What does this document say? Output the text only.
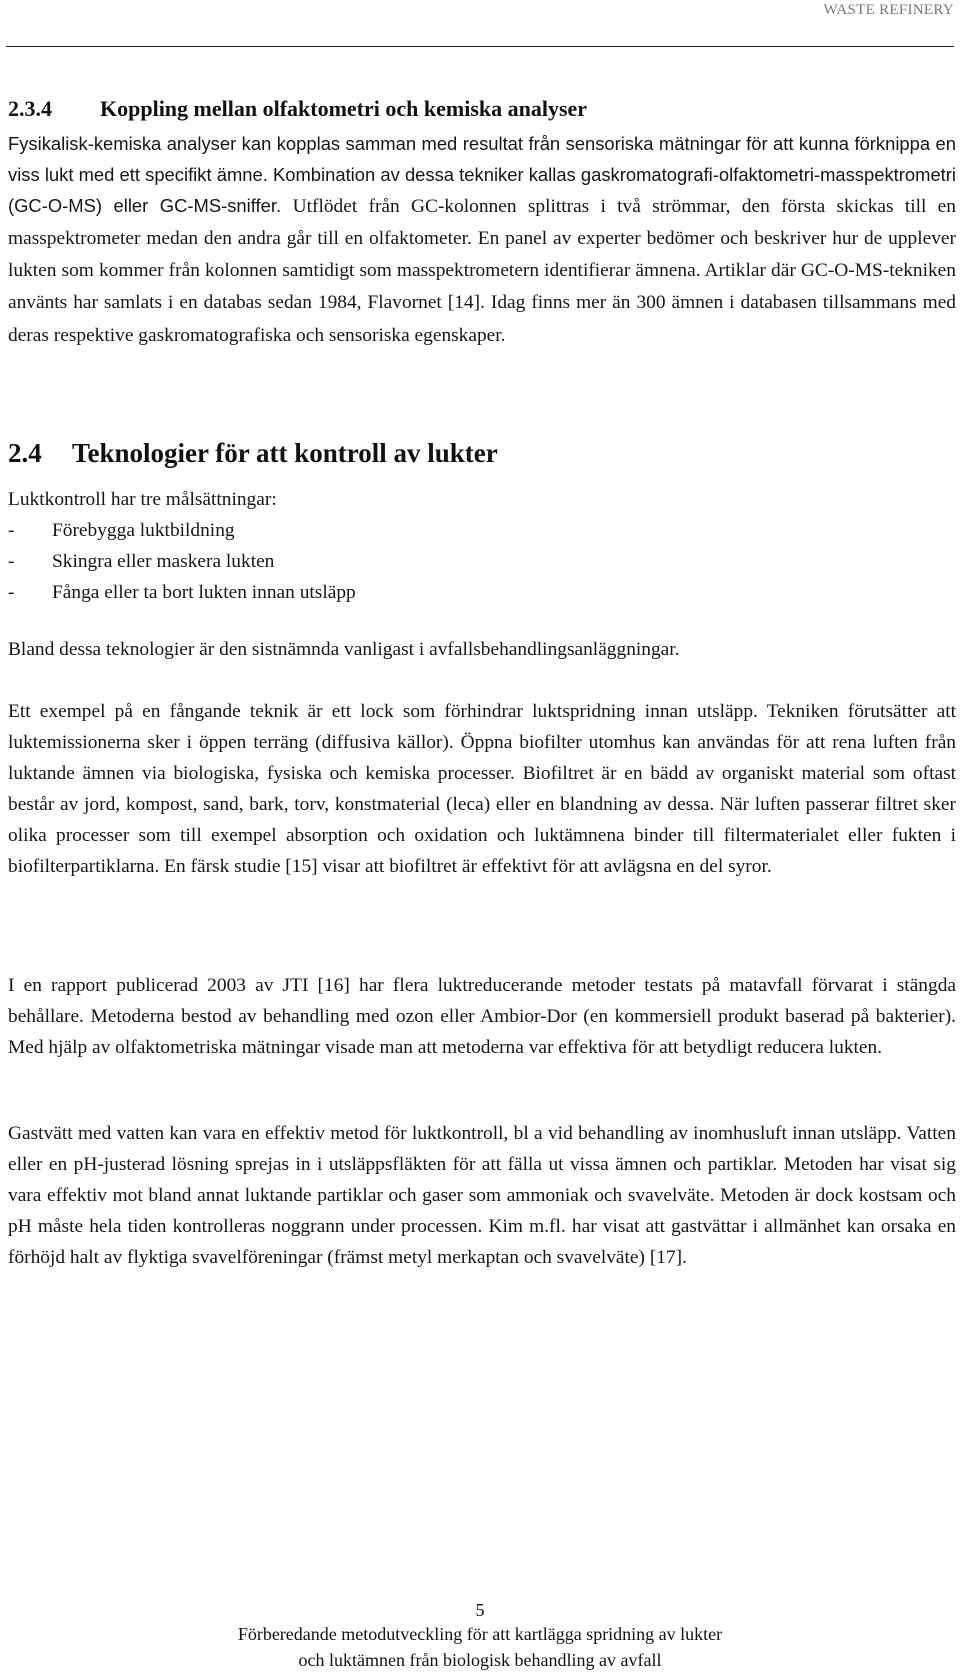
WASTE REFINERY
2.3.4 Koppling mellan olfaktometri och kemiska analyser

Fysikalisk-kemiska analyser kan kopplas samman med resultat från sensoriska mätningar för att kunna förknippa en viss lukt med ett specifikt ämne. Kombination av dessa tekniker kallas gaskromatografi-olfaktometri-masspektrometri (GC-O-MS) eller GC-MS-sniffer. Utflödet från GC-kolonnen splittras i två strömmar, den första skickas till en masspektrometer medan den andra går till en olfaktometer. En panel av experter bedömer och beskriver hur de upplever lukten som kommer från kolonnen samtidigt som masspektrometern identifierar ämnena. Artiklar där GC-O-MS-tekniken använts har samlats i en databas sedan 1984, Flavornet [14]. Idag finns mer än 300 ämnen i databasen tillsammans med deras respektive gaskromatografiska och sensoriska egenskaper.

2.4 Teknologier för att kontroll av lukter

Luktkontroll har tre målsättningar:

-	Förebygga luktbildning
-	Skingra eller maskera lukten
-	Fånga eller ta bort lukten innan utsläpp

Bland dessa teknologier är den sistnämnda vanligast i avfallsbehandlingsanläggningar.

Ett exempel på en fångande teknik är ett lock som förhindrar luktspridning innan utsläpp. Tekniken förutsätter att luktemissionerna sker i öppen terräng (diffusiva källor). Öppna biofilter utomhus kan användas för att rena luften från luktande ämnen via biologiska, fysiska och kemiska processer. Biofiltret är en bädd av organiskt material som oftast består av jord, kompost, sand, bark, torv, konstmaterial (leca) eller en blandning av dessa. När luften passerar filtret sker olika processer som till exempel absorption och oxidation och luktämnena binder till filtermaterialet eller fukten i biofilterpartiklarna. En färsk studie [15] visar att biofiltret är effektivt för att avlägsna en del syror.

I en rapport publicerad 2003 av JTI [16] har flera luktreducerande metoder testats på matavfall förvarat i stängda behållare. Metoderna bestod av behandling med ozon eller Ambior-Dor (en kommersiell produkt baserad på bakterier). Med hjälp av olfaktometriska mätningar visade man att metoderna var effektiva för att betydligt reducera lukten.

Gastvätt med vatten kan vara en effektiv metod för luktkontroll, bl a vid behandling av inomhusluft innan utsläpp. Vatten eller en pH-justerad lösning sprejas in i utsläppsfläkten för att fälla ut vissa ämnen och partiklar. Metoden har visat sig vara effektiv mot bland annat luktande partiklar och gaser som ammoniak och svavelväte. Metoden är dock kostsam och pH måste hela tiden kontrolleras noggrann under processen. Kim m.fl. har visat att gastvättar i allmänhet kan orsaka en förhöjd halt av flyktiga svavelföreningar (främst metyl merkaptan och svavelväte) [17].

5
Förberedande metodutveckling för att kartlägga spridning av lukter
och luktämnen från biologisk behandling av avfall
